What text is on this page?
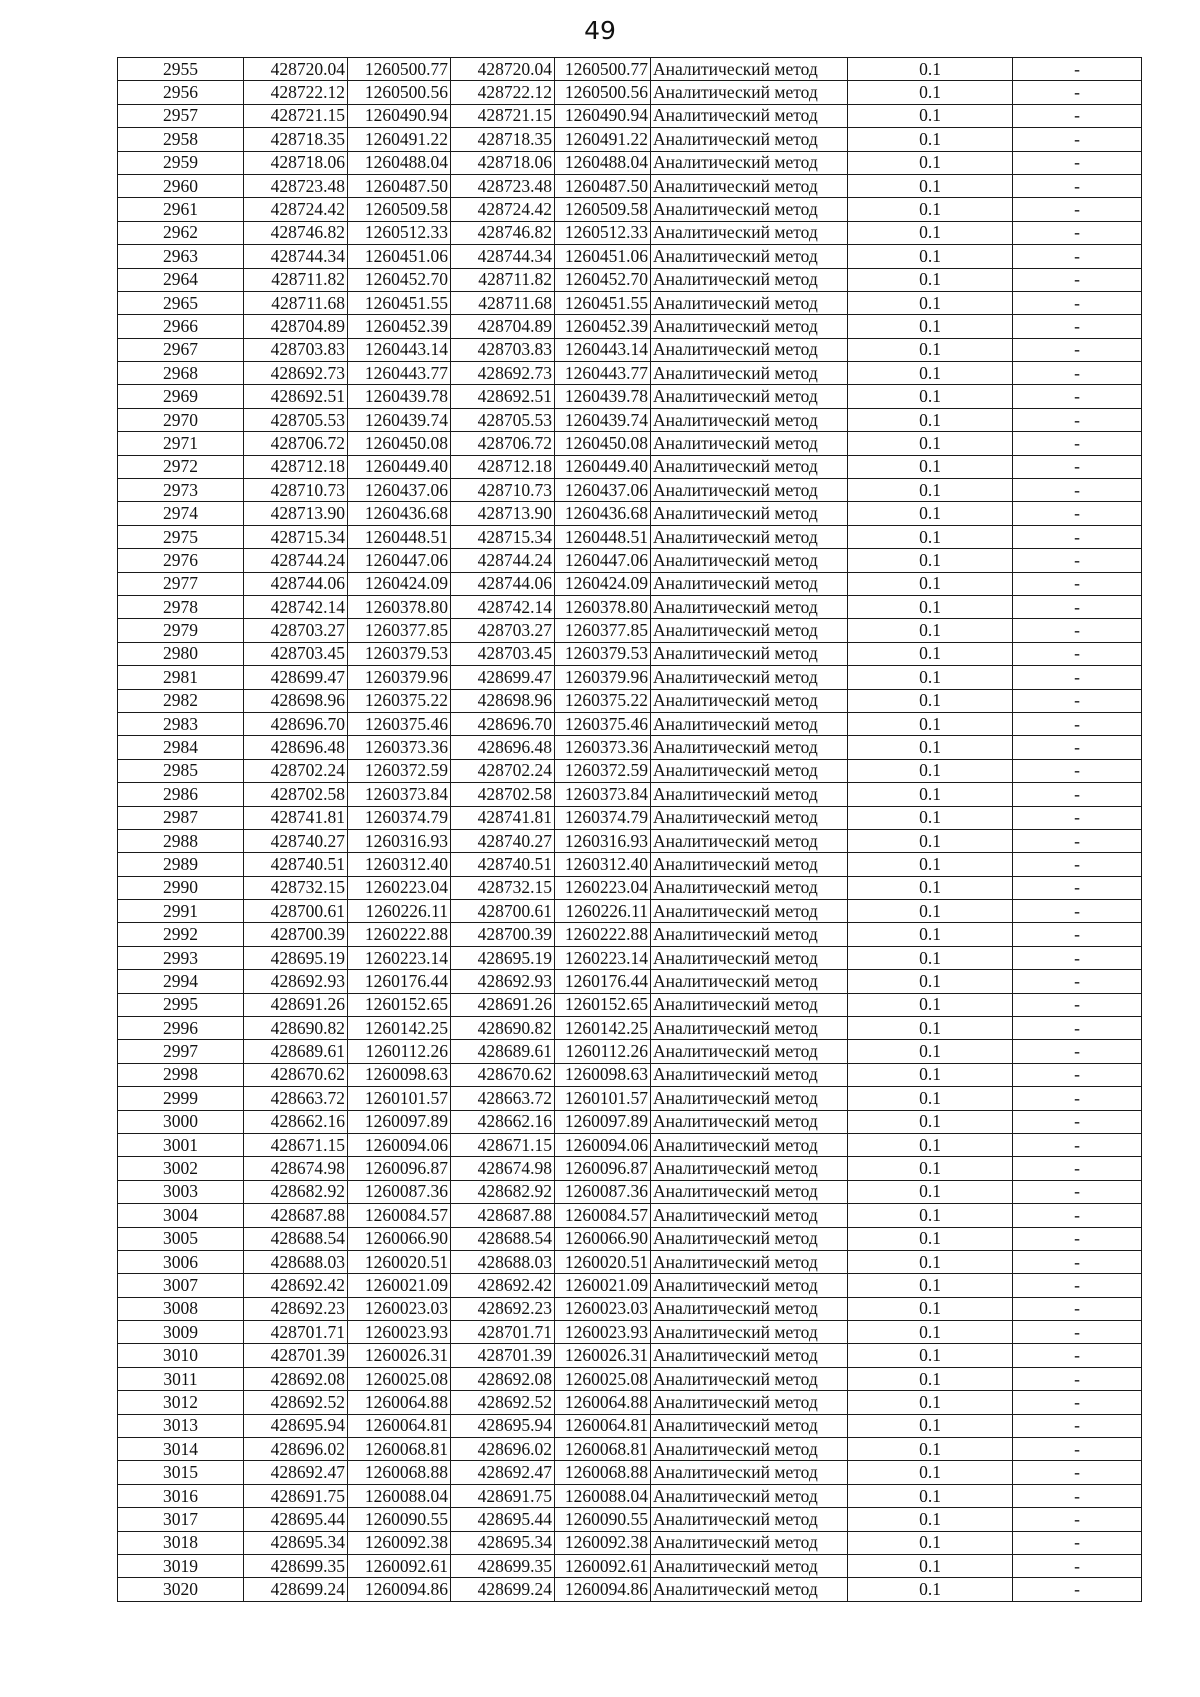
49
2955	428720.04	1260500.77	428720.04	1260500.77	Аналитический метод	0.1	-
2956	428722.12	1260500.56	428722.12	1260500.56	Аналитический метод	0.1	-
2957	428721.15	1260490.94	428721.15	1260490.94	Аналитический метод	0.1	-
2958	428718.35	1260491.22	428718.35	1260491.22	Аналитический метод	0.1	-
2959	428718.06	1260488.04	428718.06	1260488.04	Аналитический метод	0.1	-
2960	428723.48	1260487.50	428723.48	1260487.50	Аналитический метод	0.1	-
2961	428724.42	1260509.58	428724.42	1260509.58	Аналитический метод	0.1	-
2962	428746.82	1260512.33	428746.82	1260512.33	Аналитический метод	0.1	-
2963	428744.34	1260451.06	428744.34	1260451.06	Аналитический метод	0.1	-
2964	428711.82	1260452.70	428711.82	1260452.70	Аналитический метод	0.1	-
2965	428711.68	1260451.55	428711.68	1260451.55	Аналитический метод	0.1	-
2966	428704.89	1260452.39	428704.89	1260452.39	Аналитический метод	0.1	-
2967	428703.83	1260443.14	428703.83	1260443.14	Аналитический метод	0.1	-
2968	428692.73	1260443.77	428692.73	1260443.77	Аналитический метод	0.1	-
2969	428692.51	1260439.78	428692.51	1260439.78	Аналитический метод	0.1	-
2970	428705.53	1260439.74	428705.53	1260439.74	Аналитический метод	0.1	-
2971	428706.72	1260450.08	428706.72	1260450.08	Аналитический метод	0.1	-
2972	428712.18	1260449.40	428712.18	1260449.40	Аналитический метод	0.1	-
2973	428710.73	1260437.06	428710.73	1260437.06	Аналитический метод	0.1	-
2974	428713.90	1260436.68	428713.90	1260436.68	Аналитический метод	0.1	-
2975	428715.34	1260448.51	428715.34	1260448.51	Аналитический метод	0.1	-
2976	428744.24	1260447.06	428744.24	1260447.06	Аналитический метод	0.1	-
2977	428744.06	1260424.09	428744.06	1260424.09	Аналитический метод	0.1	-
2978	428742.14	1260378.80	428742.14	1260378.80	Аналитический метод	0.1	-
2979	428703.27	1260377.85	428703.27	1260377.85	Аналитический метод	0.1	-
2980	428703.45	1260379.53	428703.45	1260379.53	Аналитический метод	0.1	-
2981	428699.47	1260379.96	428699.47	1260379.96	Аналитический метод	0.1	-
2982	428698.96	1260375.22	428698.96	1260375.22	Аналитический метод	0.1	-
2983	428696.70	1260375.46	428696.70	1260375.46	Аналитический метод	0.1	-
2984	428696.48	1260373.36	428696.48	1260373.36	Аналитический метод	0.1	-
2985	428702.24	1260372.59	428702.24	1260372.59	Аналитический метод	0.1	-
2986	428702.58	1260373.84	428702.58	1260373.84	Аналитический метод	0.1	-
2987	428741.81	1260374.79	428741.81	1260374.79	Аналитический метод	0.1	-
2988	428740.27	1260316.93	428740.27	1260316.93	Аналитический метод	0.1	-
2989	428740.51	1260312.40	428740.51	1260312.40	Аналитический метод	0.1	-
2990	428732.15	1260223.04	428732.15	1260223.04	Аналитический метод	0.1	-
2991	428700.61	1260226.11	428700.61	1260226.11	Аналитический метод	0.1	-
2992	428700.39	1260222.88	428700.39	1260222.88	Аналитический метод	0.1	-
2993	428695.19	1260223.14	428695.19	1260223.14	Аналитический метод	0.1	-
2994	428692.93	1260176.44	428692.93	1260176.44	Аналитический метод	0.1	-
2995	428691.26	1260152.65	428691.26	1260152.65	Аналитический метод	0.1	-
2996	428690.82	1260142.25	428690.82	1260142.25	Аналитический метод	0.1	-
2997	428689.61	1260112.26	428689.61	1260112.26	Аналитический метод	0.1	-
2998	428670.62	1260098.63	428670.62	1260098.63	Аналитический метод	0.1	-
2999	428663.72	1260101.57	428663.72	1260101.57	Аналитический метод	0.1	-
3000	428662.16	1260097.89	428662.16	1260097.89	Аналитический метод	0.1	-
3001	428671.15	1260094.06	428671.15	1260094.06	Аналитический метод	0.1	-
3002	428674.98	1260096.87	428674.98	1260096.87	Аналитический метод	0.1	-
3003	428682.92	1260087.36	428682.92	1260087.36	Аналитический метод	0.1	-
3004	428687.88	1260084.57	428687.88	1260084.57	Аналитический метод	0.1	-
3005	428688.54	1260066.90	428688.54	1260066.90	Аналитический метод	0.1	-
3006	428688.03	1260020.51	428688.03	1260020.51	Аналитический метод	0.1	-
3007	428692.42	1260021.09	428692.42	1260021.09	Аналитический метод	0.1	-
3008	428692.23	1260023.03	428692.23	1260023.03	Аналитический метод	0.1	-
3009	428701.71	1260023.93	428701.71	1260023.93	Аналитический метод	0.1	-
3010	428701.39	1260026.31	428701.39	1260026.31	Аналитический метод	0.1	-
3011	428692.08	1260025.08	428692.08	1260025.08	Аналитический метод	0.1	-
3012	428692.52	1260064.88	428692.52	1260064.88	Аналитический метод	0.1	-
3013	428695.94	1260064.81	428695.94	1260064.81	Аналитический метод	0.1	-
3014	428696.02	1260068.81	428696.02	1260068.81	Аналитический метод	0.1	-
3015	428692.47	1260068.88	428692.47	1260068.88	Аналитический метод	0.1	-
3016	428691.75	1260088.04	428691.75	1260088.04	Аналитический метод	0.1	-
3017	428695.44	1260090.55	428695.44	1260090.55	Аналитический метод	0.1	-
3018	428695.34	1260092.38	428695.34	1260092.38	Аналитический метод	0.1	-
3019	428699.35	1260092.61	428699.35	1260092.61	Аналитический метод	0.1	-
3020	428699.24	1260094.86	428699.24	1260094.86	Аналитический метод	0.1	-
